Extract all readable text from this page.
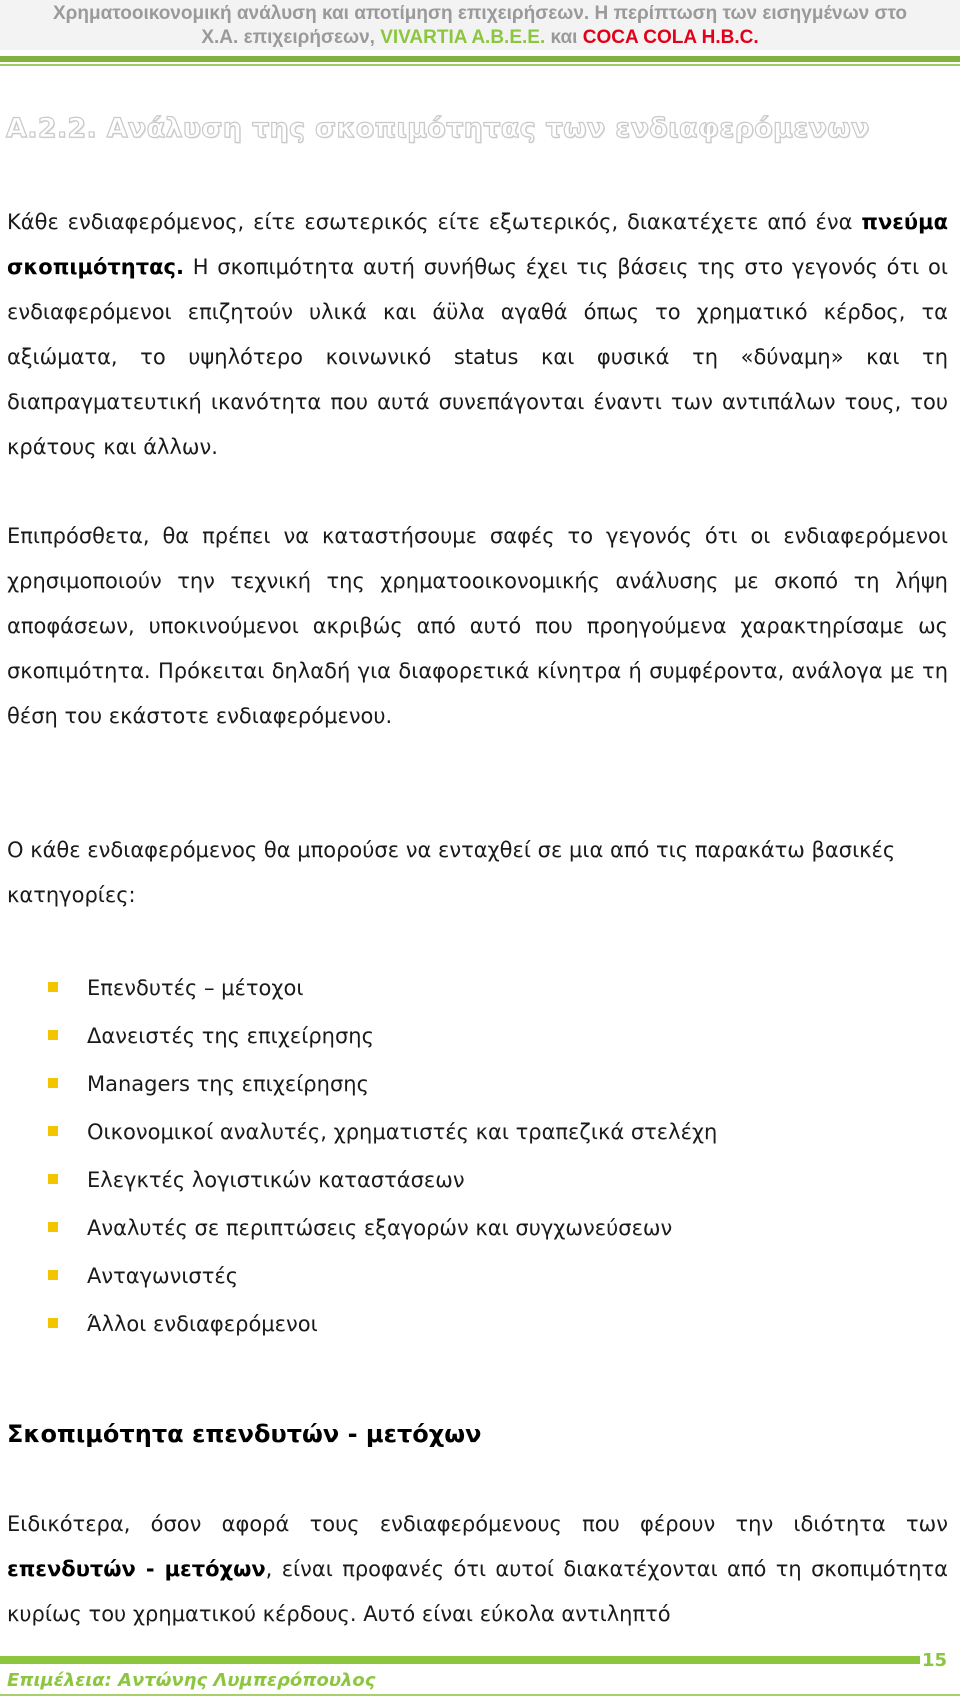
Χρηματοοικονομική ανάλυση και αποτίμηση επιχειρήσεων. Η περίπτωση των εισηγμένων στο
Χ.Α. επιχειρήσεων, VIVARTIA A.B.E.E. και COCA COLA H.B.C.
Α.2.2. Ανάλυση της σκοπιμότητας των ενδιαφερόμενων
Κάθε ενδιαφερόμενος, είτε εσωτερικός είτε εξωτερικός, διακατέχετε από ένα πνεύμα σκοπιμότητας. Η σκοπιμότητα αυτή συνήθως έχει τις βάσεις της στο γεγονός ότι οι ενδιαφερόμενοι επιζητούν υλικά και άϋλα αγαθά όπως το χρηματικό κέρδος, τα αξιώματα, το υψηλότερο κοινωνικό status και φυσικά τη «δύναμη» και τη διαπραγματευτική ικανότητα που αυτά συνεπάγονται έναντι των αντιπάλων τους, του κράτους και άλλων.
Επιπρόσθετα, θα πρέπει να καταστήσουμε σαφές το γεγονός ότι οι ενδιαφερόμενοι χρησιμοποιούν την τεχνική της χρηματοοικονομικής ανάλυσης με σκοπό τη λήψη αποφάσεων, υποκινούμενοι ακριβώς από αυτό που προηγούμενα χαρακτηρίσαμε ως σκοπιμότητα. Πρόκειται δηλαδή για διαφορετικά κίνητρα ή συμφέροντα, ανάλογα με τη θέση του εκάστοτε ενδιαφερόμενου.
Ο κάθε ενδιαφερόμενος θα μπορούσε να ενταχθεί σε μια από τις παρακάτω βασικές κατηγορίες:
Επενδυτές – μέτοχοι
Δανειστές της επιχείρησης
Managers της επιχείρησης
Οικονομικοί αναλυτές, χρηματιστές και τραπεζικά στελέχη
Ελεγκτές λογιστικών καταστάσεων
Αναλυτές σε περιπτώσεις εξαγορών και συγχωνεύσεων
Ανταγωνιστές
Άλλοι ενδιαφερόμενοι
Σκοπιμότητα επενδυτών - μετόχων
Ειδικότερα, όσον αφορά τους ενδιαφερόμενους που φέρουν την ιδιότητα των επενδυτών - μετόχων, είναι προφανές ότι αυτοί διακατέχονται από τη σκοπιμότητα κυρίως του χρηματικού κέρδους. Αυτό είναι εύκολα αντιληπτό
15
Επιμέλεια: Αντώνης Λυμπερόπουλος
